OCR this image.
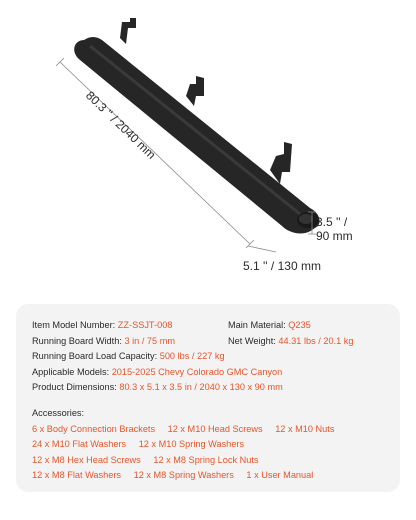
80.3 '' / 2040 mm
3.5 '' /
90 mm
5.1 '' / 130 mm
Item Model Number: ZZ-SSJT-008	Main Material: Q235
Running Board Width: 3 in / 75 mm	Net Weight: 44.31 lbs / 20.1 kg
Running Board Load Capacity: 500 lbs / 227 kg
Applicable Models: 2015-2025 Chevy Colorado GMC Canyon
Product Dimensions: 80.3 x 5.1 x 3.5 in / 2040 x 130 x 90 mm
Accessories:
6 x Body Connection Brackets 12 x M10 Head Screws 12 x M10 Nuts
24 x M10 Flat Washers 12 x M10 Spring Washers
12 x M8 Hex Head Screws 12 x M8 Spring Lock Nuts
12 x M8 Flat Washers 12 x M8 Spring Washers 1 x User Manual
